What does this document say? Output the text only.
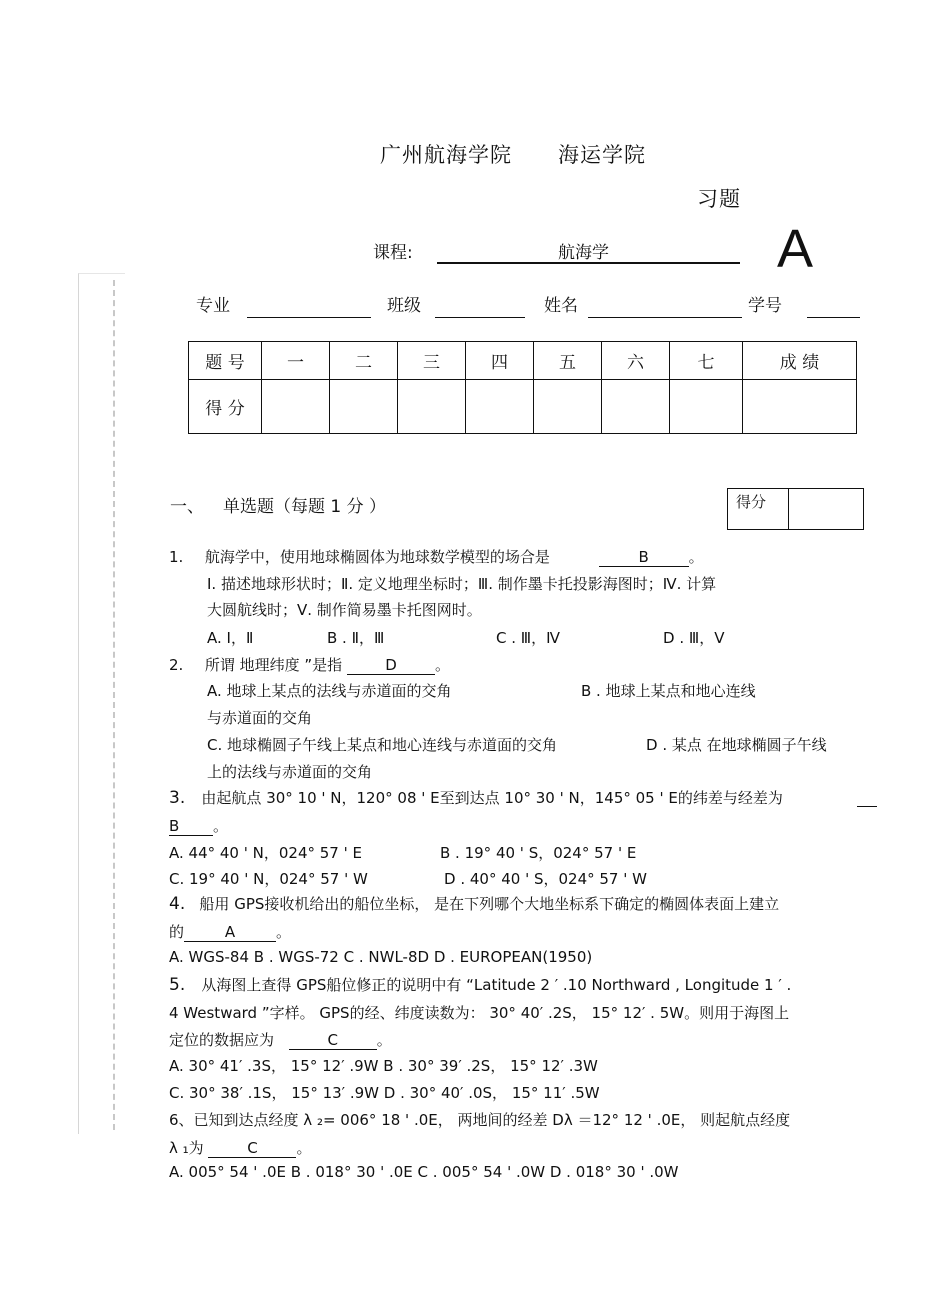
广州航海学院 海运学院
习题
课程:	航海学	A
专业	班级	姓名	学号
题 号	一	二	三	四	五	六	七	成 绩
得 分								
一、 单选题（每题 1 分 ）	得分	
1. 航海学中，使用地球椭圆体为地球数学模型的场合是	B	。
Ⅰ. 描述地球形状时；Ⅱ. 定义地理坐标时；Ⅲ. 制作墨卡托投影海图时；Ⅳ. 计算
大圆航线时；Ⅴ. 制作简易墨卡托图网时。
A. Ⅰ，Ⅱ	B . Ⅱ，Ⅲ	C . Ⅲ，Ⅳ	D . Ⅲ，Ⅴ
2. 所谓 地理纬度 ”是指	D	。
A. 地球上某点的法线与赤道面的交角	B . 地球上某点和地心连线
与赤道面的交角
C. 地球椭圆子午线上某点和地心连线与赤道面的交角	D . 某点 在地球椭圆子午线
上的法线与赤道面的交角
3. 由起航点 30° 10 ' N，120° 08 ' E至到达点 10° 30 ' N，145° 05 ' E的纬差与经差为
B 。
A. 44° 40 ' N，024° 57 ' E	B . 19° 40 ' S，024° 57 ' E
C. 19° 40 ' N，024° 57 ' W	D . 40° 40 ' S，024° 57 ' W
4. 船用 GPS接收机给出的船位坐标， 是在下列哪个大地坐标系下确定的椭圆体表面上建立
的	A	。
A. WGS-84 B . WGS-72 C . NWL-8D D . EUROPEAN(1950)
5. 从海图上查得 GPS船位修正的说明中有 “Latitude 2 ′ .10 Northward , Longitude 1 ′ .
4 Westward ”字样。 GPS的经、纬度读数为： 30° 40′ .2S， 15° 12′ . 5W。则用于海图上
定位的数据应为	C	。
A. 30° 41′ .3S， 15° 12′ .9W B . 30° 39′ .2S， 15° 12′ .3W
C. 30° 38′ .1S， 15° 13′ .9W D . 30° 40′ .0S， 15° 11′ .5W
6、已知到达点经度 λ ₂= 006° 18 ' .0E， 两地间的经差 Dλ ＝12° 12 ' .0E， 则起航点经度
λ ₁为	C	。
A. 005° 54 ' .0E B . 018° 30 ' .0E C . 005° 54 ' .0W D . 018° 30 ' .0W
